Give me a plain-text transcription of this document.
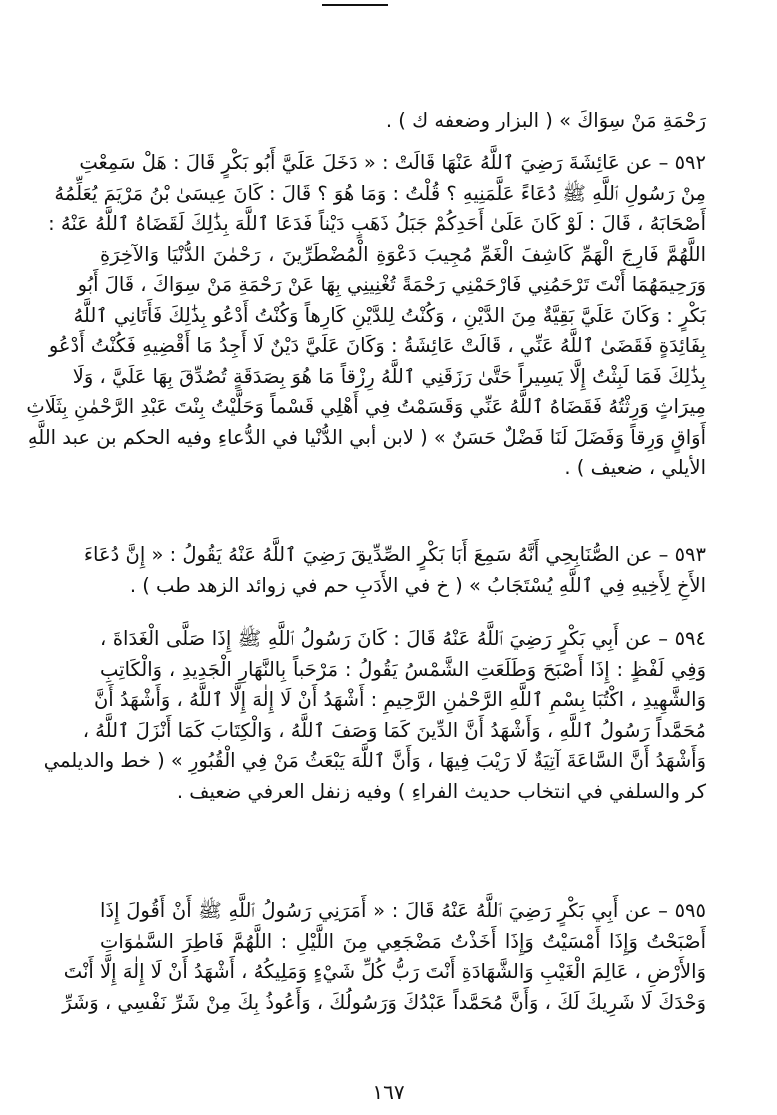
رَحْمَةِ مَنْ سِوَاكَ » ( البزار وضعفه ك ) .
٥٩٢ – عن عَائِشَةَ رَضِيَ ٱللَّهُ عَنْهَا قَالَتْ : « دَخَلَ عَلَيَّ أَبُو بَكْرٍ قَالَ : هَلْ سَمِعْتِ
مِنْ رَسُولِ ٱللَّهِ ﷺ دُعَاءً عَلَّمَنِيهِ ؟ قُلْتُ : وَمَا هُوَ ؟ قَالَ : كَانَ عِيسَىٰ بْنُ مَرْيَمَ يُعَلِّمُهُ
أَصْحَابَهُ ، قَالَ : لَوْ كَانَ عَلَىٰ أَحَدِكُمْ جَبَلُ ذَهَبٍ دَيْناً فَدَعَا ٱللَّهَ بِذَٰلِكَ لَقَضَاهُ ٱللَّهُ عَنْهُ :
اللَّهُمَّ فَارِجَ الْهَمِّ كَاشِفَ الْغَمِّ مُجِيبَ دَعْوَةِ الْمُضْطَرِّينَ ، رَحْمٰنَ الدُّنْيَا وَالآخِرَةِ
وَرَحِيمَهُمَا أَنْتَ تَرْحَمُنِي فَارْحَمْنِي رَحْمَةً تُغْنِينِي بِهَا عَنْ رَحْمَةِ مَنْ سِوَاكَ ، قَالَ أَبُو
بَكْرٍ : وَكَانَ عَلَيَّ بَقِيَّةٌ مِنَ الدَّيْنِ ، وَكُنْتُ لِلدَّيْنِ كَارِهاً وَكُنْتُ أَدْعُو بِذَٰلِكَ فَأَتَانِي ٱللَّهُ
بِفَائِدَةٍ فَقَضَىٰ ٱللَّهُ عَنِّي ، قَالَتْ عَائِشَةُ : وَكَانَ عَلَيَّ دَيْنٌ لَا أَجِدُ مَا أَقْضِيهِ فَكُنْتُ أَدْعُو
بِذَٰلِكَ فَمَا لَبِثْتُ إِلَّا يَسِيراً حَتَّىٰ رَزَقَنِي ٱللَّهُ رِزْقاً مَا هُوَ بِصَدَقَةٍ تُصُدِّقَ بِهَا عَلَيَّ ، وَلَا
مِيرَاثٍ وَرِثْتُهُ فَقَضَاهُ ٱللَّهُ عَنِّي وَقَسَمْتُ فِي أَهْلِي قَسْماً وَحَلَّيْتُ بِنْتَ عَبْدِ الرَّحْمٰنِ بِثَلَاثِ
أَوَاقٍ وَرِقاً وَفَضَلَ لَنَا فَضْلٌ حَسَنٌ » ( لابن أبي الدُّنْيا في الدُّعاءِ وفيه الحكم بن عبد اللَّهِ
الأيلي ، ضعيف ) .
٥٩٣ – عن الصُّنَابِحِي أَنَّهُ سَمِعَ أَبَا بَكْرٍ الصِّدِّيقَ رَضِيَ ٱللَّهُ عَنْهُ يَقُولُ : « إِنَّ دُعَاءَ
الأَخِ لِأَخِيهِ فِي ٱللَّهِ يُسْتَجَابُ » ( خ في الأَدَبِ حم في زوائد الزهد طب ) .
٥٩٤ – عن أَبِي بَكْرٍ رَضِيَ ٱللَّهُ عَنْهُ قَالَ : كَانَ رَسُولُ ٱللَّهِ ﷺ إِذَا صَلَّى الْغَدَاةَ ،
وَفِي لَفْظٍ : إِذَا أَصْبَحَ وَطَلَعَتِ الشَّمْسُ يَقُولُ : مَرْحَباً بِالنَّهَارِ الْجَدِيدِ ، وَالْكَاتِبِ
وَالشَّهِيدِ ، اكْتُبَا بِسْمِ ٱللَّهِ الرَّحْمٰنِ الرَّحِيمِ : أَشْهَدُ أَنْ لَا إِلٰهَ إِلَّا ٱللَّهُ ، وَأَشْهَدُ أَنَّ
مُحَمَّداً رَسُولُ ٱللَّهِ ، وَأَشْهَدُ أَنَّ الدِّينَ كَمَا وَصَفَ ٱللَّهُ ، وَالْكِتَابَ كَمَا أَنْزَلَ ٱللَّهُ ،
وَأَشْهَدُ أَنَّ السَّاعَةَ آتِيَةٌ لَا رَيْبَ فِيهَا ، وَأَنَّ ٱللَّهَ يَبْعَثُ مَنْ فِي الْقُبُورِ » ( خط والديلمي
كر والسلفي في انتخاب حديث الفراءِ ) وفيه زنفل العرفي ضعيف .
٥٩٥ – عن أَبِي بَكْرٍ رَضِيَ ٱللَّهُ عَنْهُ قَالَ : « أَمَرَنِي رَسُولُ ٱللَّهِ ﷺ أَنْ أَقُولَ إِذَا
أَصْبَحْتُ وَإِذَا أَمْسَيْتُ وَإِذَا أَخَذْتُ مَضْجَعِي مِنَ اللَّيْلِ : اللَّهُمَّ فَاطِرَ السَّمٰوَاتِ
وَالأَرْضِ ، عَالِمَ الْغَيْبِ وَالشَّهَادَةِ أَنْتَ رَبُّ كُلِّ شَيْءٍ وَمَلِيكُهُ ، أَشْهَدُ أَنْ لَا إِلٰهَ إِلَّا أَنْتَ
وَحْدَكَ لَا شَرِيكَ لَكَ ، وَأَنَّ مُحَمَّداً عَبْدُكَ وَرَسُولُكَ ، وَأَعُوذُ بِكَ مِنْ شَرِّ نَفْسِي ، وَشَرِّ
١٦٧
